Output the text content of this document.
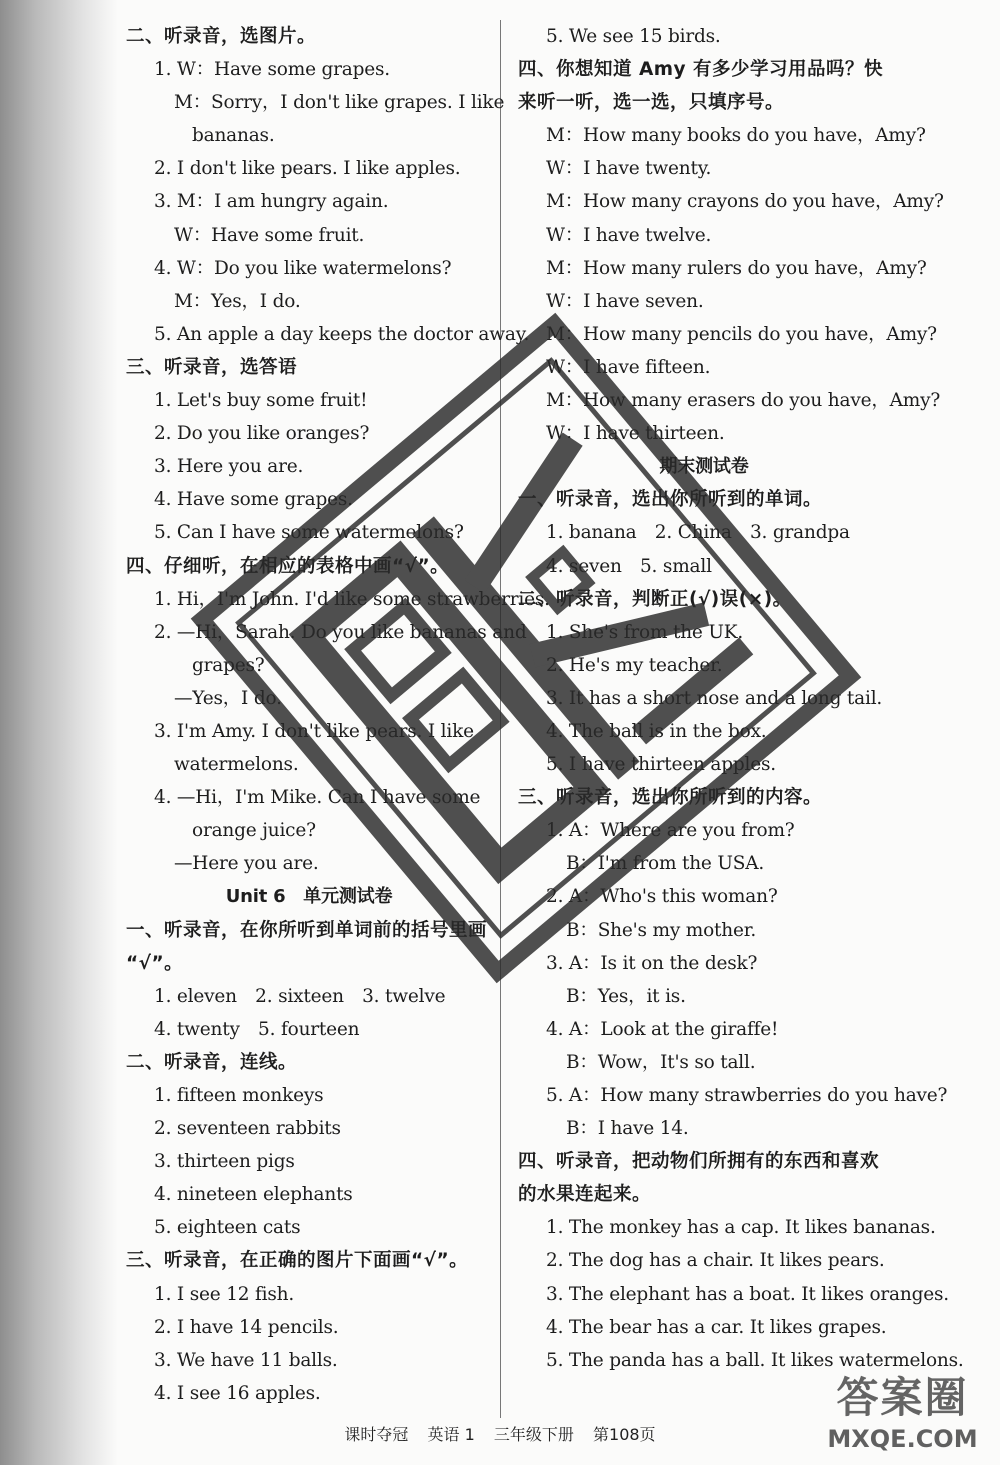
二、听录音，选图片。
1. W：Have some grapes.
M：Sorry，I don't like grapes. I like
bananas.
2. I don't like pears. I like apples.
3. M：I am hungry again.
W：Have some fruit.
4. W：Do you like watermelons?
M：Yes，I do.
5. An apple a day keeps the doctor away.
三、听录音，选答语
1. Let's buy some fruit!
2. Do you like oranges?
3. Here you are.
4. Have some grapes.
5. Can I have some watermelons?
四、仔细听，在相应的表格中画“√”。
1. Hi，I'm John. I'd like some strawberries.
2. —Hi，Sarah. Do you like bananas and
grapes?
—Yes，I do.
3. I'm Amy. I don't like pears. I like
watermelons.
4. —Hi，I'm Mike. Can I have some
orange juice?
—Here you are.
Unit 6　单元测试卷
一、听录音，在你所听到单词前的括号里画
“√”。
1. eleven　2. sixteen　3. twelve
4. twenty　5. fourteen
二、听录音，连线。
1. fifteen monkeys
2. seventeen rabbits
3. thirteen pigs
4. nineteen elephants
5. eighteen cats
三、听录音，在正确的图片下面画“√”。
1. I see 12 fish.
2. I have 14 pencils.
3. We have 11 balls.
4. I see 16 apples.
5. We see 15 birds.
四、你想知道 Amy 有多少学习用品吗？快
来听一听，选一选，只填序号。
M：How many books do you have，Amy?
W：I have twenty.
M：How many crayons do you have，Amy?
W：I have twelve.
M：How many rulers do you have，Amy?
W：I have seven.
M：How many pencils do you have，Amy?
W：I have fifteen.
M：How many erasers do you have，Amy?
W：I have thirteen.
期末测试卷
一、听录音，选出你所听到的单词。
1. banana　2. China　3. grandpa
4. seven　5. small
二、听录音，判断正(√)误(×)。
1. She's from the UK.
2. He's my teacher.
3. It has a short nose and a long tail.
4. The ball is in the box.
5. I have thirteen apples.
三、听录音，选出你所听到的内容。
1. A：Where are you from?
B：I'm from the USA.
2. A：Who's this woman?
B：She's my mother.
3. A：Is it on the desk?
B：Yes，it is.
4. A：Look at the giraffe!
B：Wow，It's so tall.
5. A：How many strawberries do you have?
B：I have 14.
四、听录音，把动物们所拥有的东西和喜欢
的水果连起来。
1. The monkey has a cap. It likes bananas.
2. The dog has a chair. It likes pears.
3. The elephant has a boat. It likes oranges.
4. The bear has a car. It likes grapes.
5. The panda has a ball. It likes watermelons.
课时夺冠 英语 1 三年级下册 第108页
答案圈
MXQE.COM
